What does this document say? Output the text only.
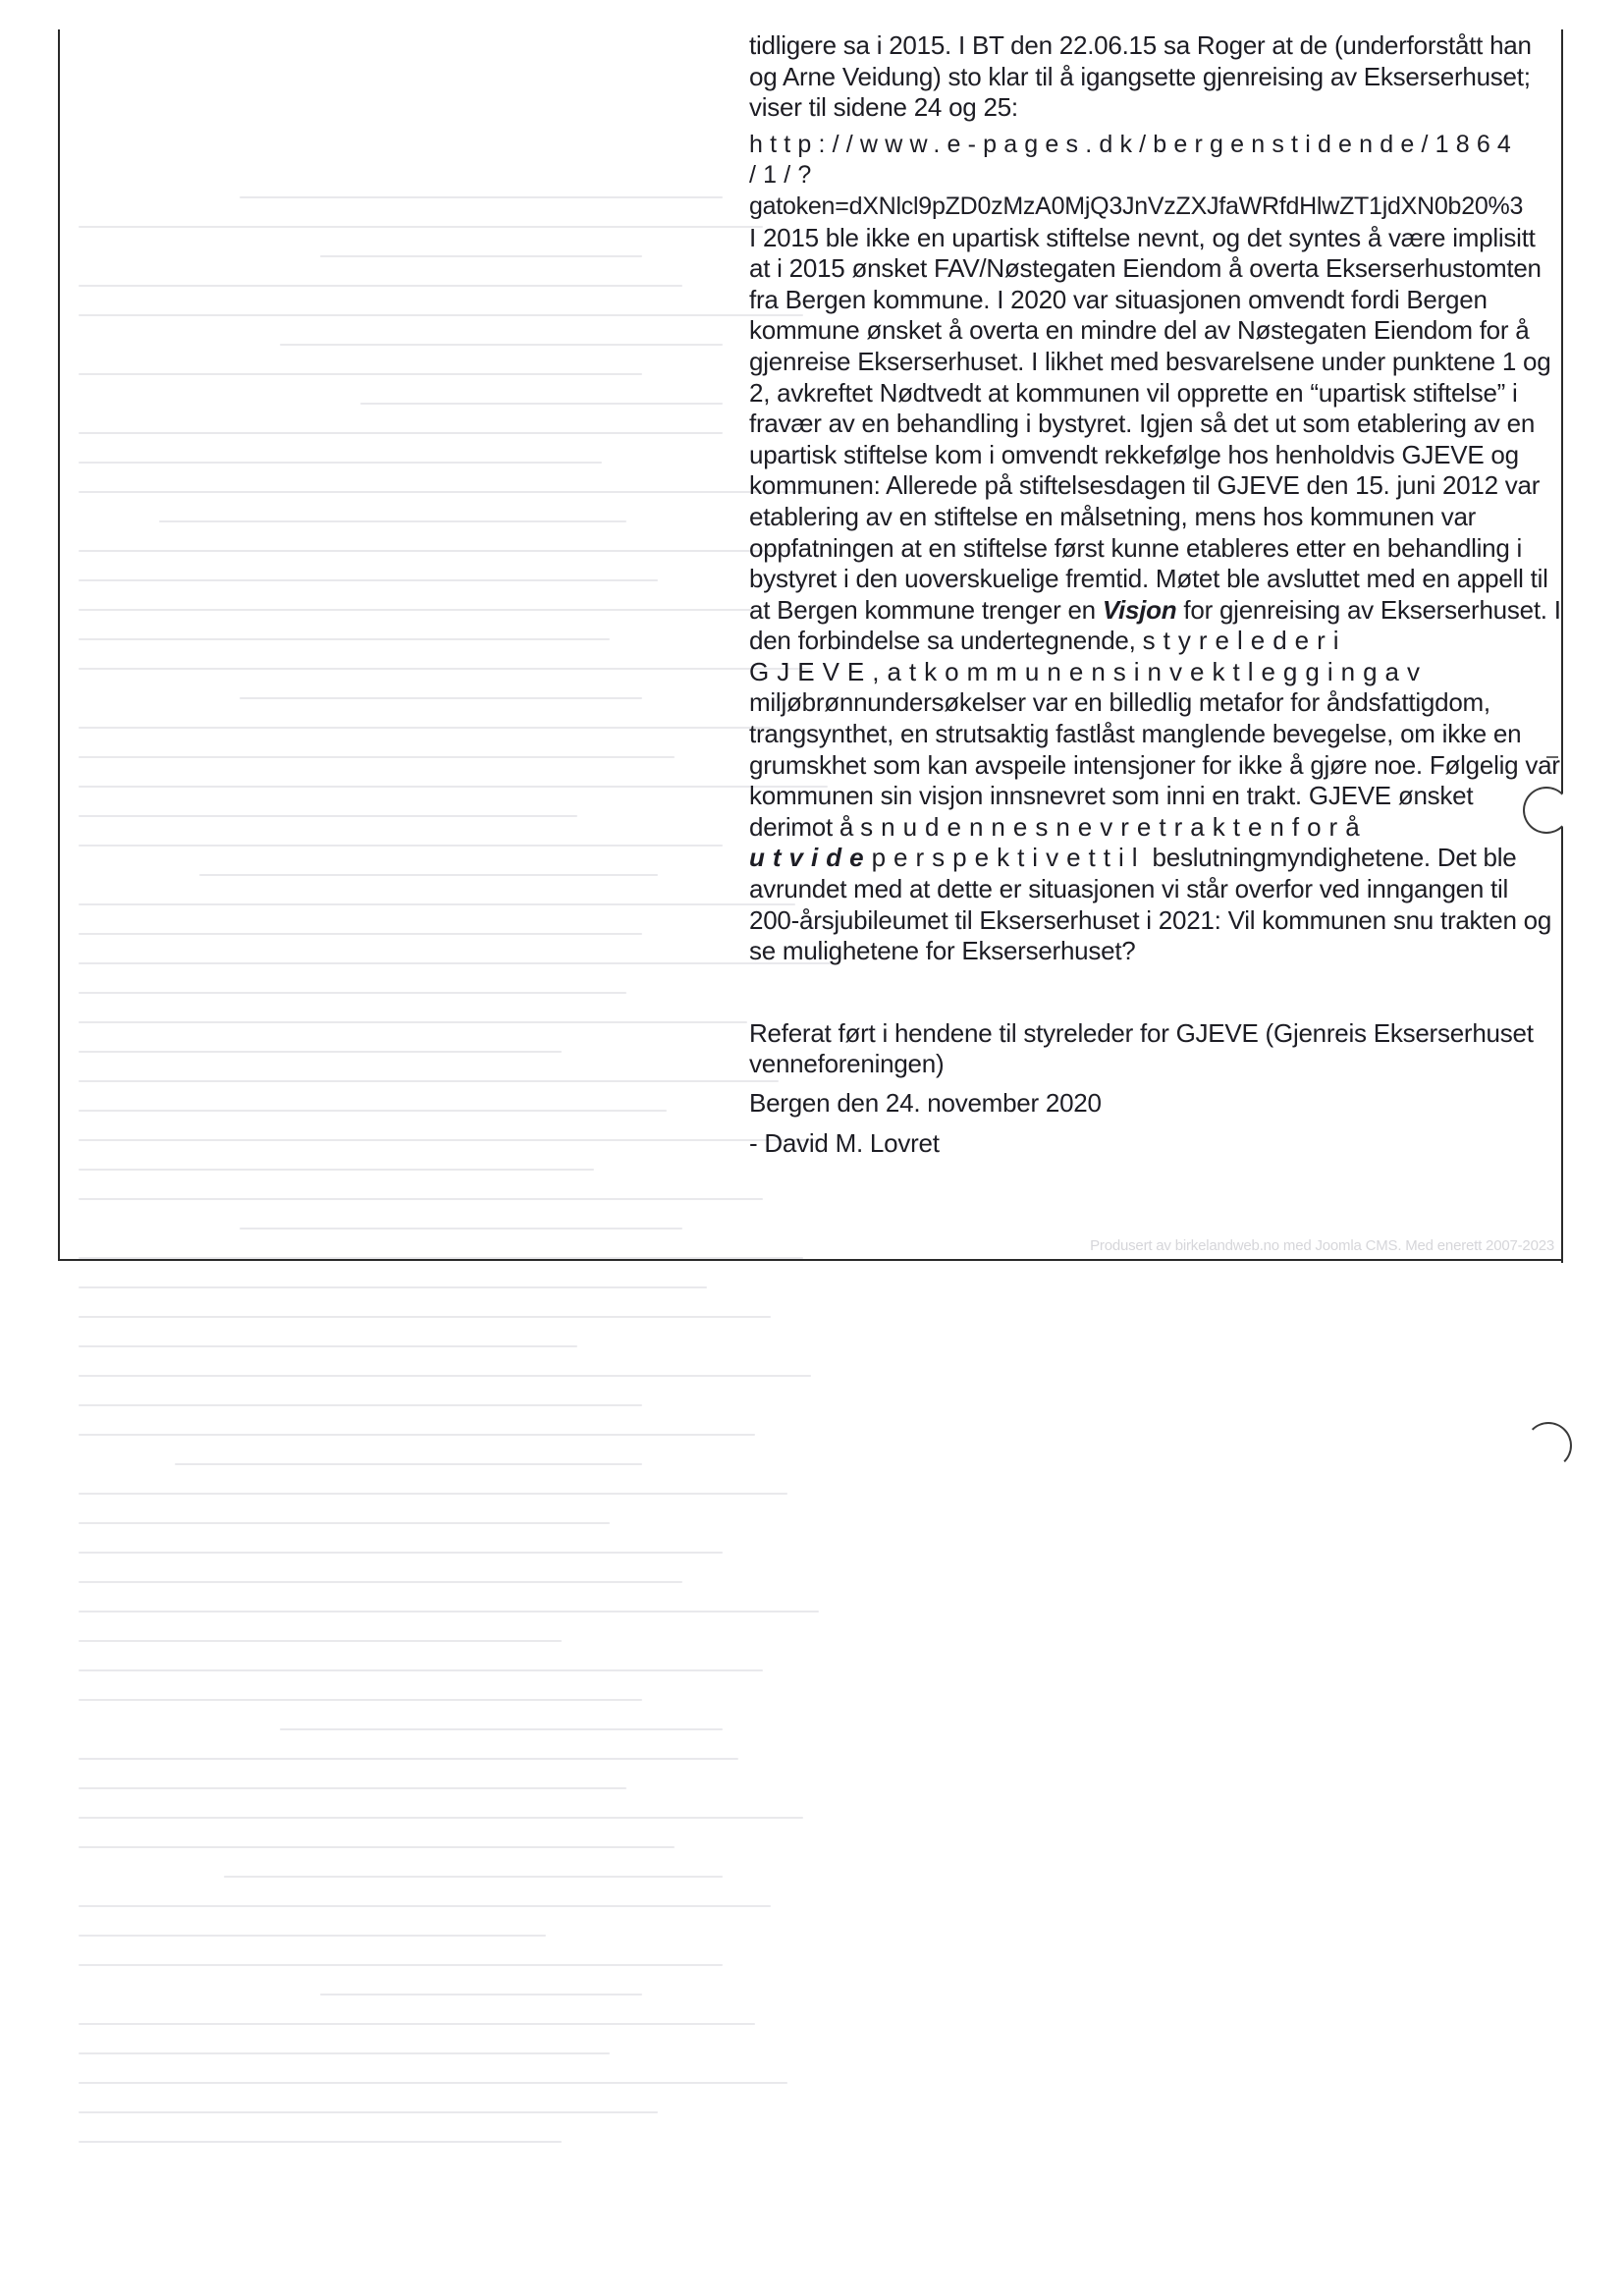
tidligere sa i 2015. I BT den 22.06.15 sa Roger at de (underforstått han og Arne Veidung) sto klar til å igangsette gjenreising av Ekserserhuset; viser til sidene 24 og 25:

http://www.e-pages.dk/bergenstidende/1864
/1/?
gatoken=dXNlcl9pZD0zMzA0MjQ3JnVzZXJfaWRfdHlwZT1jdXN0b20%3

I 2015 ble ikke en upartisk stiftelse nevnt, og det syntes å være implisitt at i 2015 ønsket FAV/Nøstegaten Eiendom å overta Ekserserhustomten fra Bergen kommune. I 2020 var situasjonen omvendt fordi Bergen kommune ønsket å overta en mindre del av Nøstegaten Eiendom for å gjenreise Ekserserhuset. I likhet med besvarelsene under punktene 1 og 2, avkreftet Nødtvedt at kommunen vil opprette en “upartisk stiftelse” i fravær av en behandling i bystyret. Igjen så det ut som etablering av en upartisk stiftelse kom i omvendt rekkefølge hos henholdvis GJEVE og kommunen: Allerede på stiftelsesdagen til GJEVE den 15. juni 2012 var etablering av en stiftelse en målsetning, mens hos kommunen var oppfatningen at en stiftelse først kunne etableres etter en behandling i bystyret i den uoverskuelige fremtid. Møtet ble avsluttet med en appell til at Bergen kommune trenger en Visjon for gjenreising av Ekserserhuset. I den forbindelse sa undertegnende, styrelederi GJEVE,atkommunensinvektleggingav miljøbrønnundersøkelser var en billedlig metafor for åndsfattigdom, trangsynthet, en strutsaktig fastlåst manglende bevegelse, om ikke en grumskhet som kan avspeile intensjoner for ikke å gjøre noe. Følgelig var kommunen sin visjon innsnevret som inni en trakt. GJEVE ønsket derimot å snudennesnevretraktenforå utvideperspektivettil beslutningmyndighetene. Det ble avrundet med at dette er situasjonen vi står overfor ved inngangen til 200-årsjubileumet til Ekserserhuset i 2021: Vil kommunen snu trakten og se mulighetene for Ekserserhuset?

Referat ført i hendene til styreleder for GJEVE (Gjenreis Ekserserhuset venneforeningen)

Bergen den 24. november 2020

- David M. Lovret

Produsert av birkelandweb.no med Joomla CMS. Med enerett 2007-2023
